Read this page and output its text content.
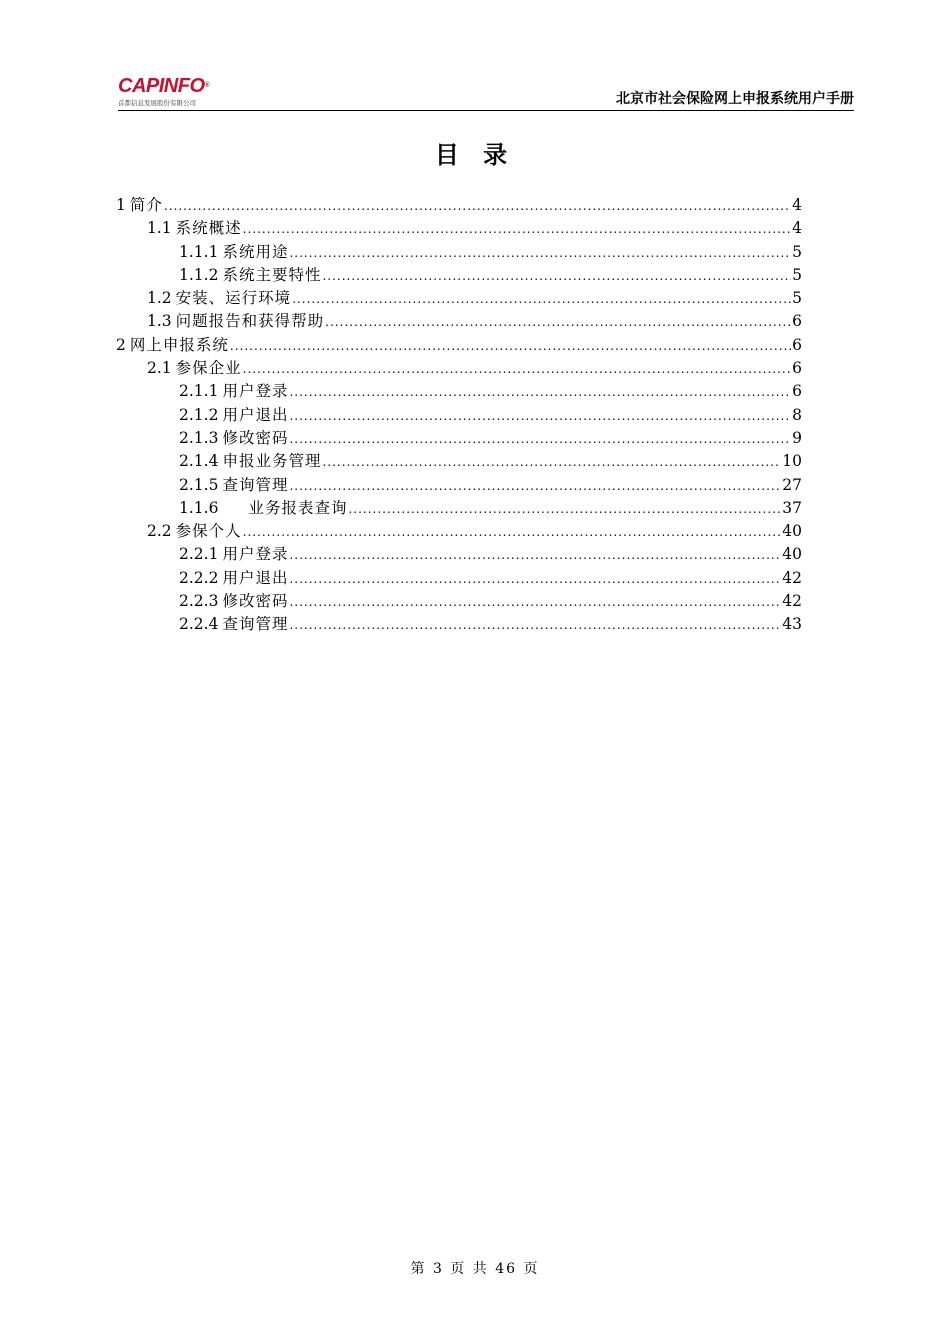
CAPINFO®
首都信息发展股份有限公司	北京市社会保险网上申报系统用户手册
目 录
1 简介 .....	4
1.1 系统概述 .....	4
1.1.1 系统用途 .....	5
1.1.2 系统主要特性 .....	5
1.2 安装、运行环境 .....	5
1.3 问题报告和获得帮助 .....	6
2 网上申报系统 .....	6
2.1 参保企业 .....	6
2.1.1 用户登录 .....	6
2.1.2 用户退出 .....	8
2.1.3 修改密码 .....	9
2.1.4 申报业务管理 .....	10
2.1.5 查询管理 .....	27
1.1.6 业务报表查询 .....	37
2.2 参保个人 .....	40
2.2.1 用户登录 .....	40
2.2.2 用户退出 .....	42
2.2.3 修改密码 .....	42
2.2.4 查询管理 .....	43
第 3 页 共 46 页
